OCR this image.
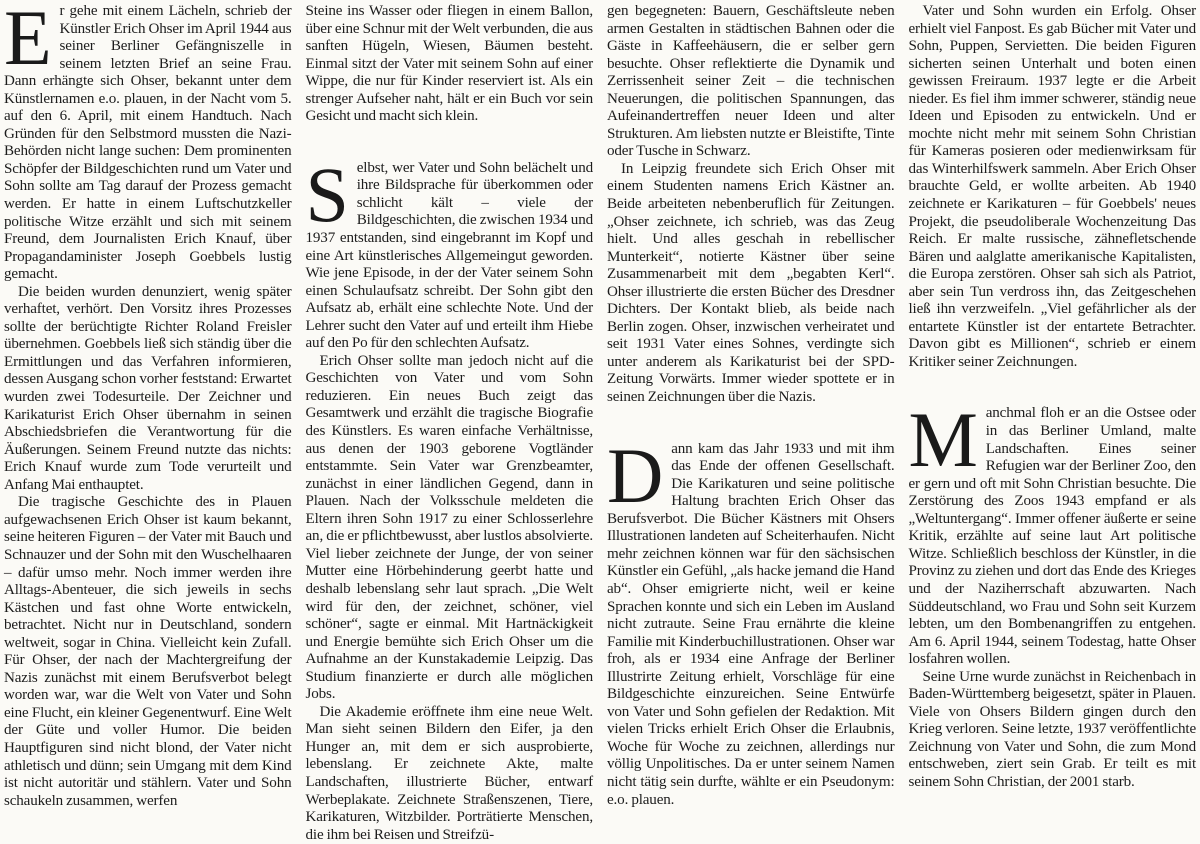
Er gehe mit einem Lächeln, schrieb der Künstler Erich Ohser im April 1944 aus seiner Berliner Gefängniszelle in seinem letzten Brief an seine Frau. Dann erhängte sich Ohser, bekannt unter dem Künstlernamen e.o. plauen, in der Nacht vom 5. auf den 6. April, mit einem Handtuch. Nach Gründen für den Selbstmord mussten die Nazi-Behörden nicht lange suchen: Dem prominenten Schöpfer der Bildgeschichten rund um Vater und Sohn sollte am Tag darauf der Prozess gemacht werden. Er hatte in einem Luftschutzkeller politische Witze erzählt und sich mit seinem Freund, dem Journalisten Erich Knauf, über Propagandaminister Joseph Goebbels lustig gemacht.

Die beiden wurden denunziert, wenig später verhaftet, verhört. Den Vorsitz ihres Prozesses sollte der berüchtigte Richter Roland Freisler übernehmen. Goebbels ließ sich ständig über die Ermittlungen und das Verfahren informieren, dessen Ausgang schon vorher feststand: Erwartet wurden zwei Todesurteile. Der Zeichner und Karikaturist Erich Ohser übernahm in seinen Abschiedsbriefen die Verantwortung für die Äußerungen. Seinem Freund nutzte das nichts: Erich Knauf wurde zum Tode verurteilt und Anfang Mai enthauptet.

Die tragische Geschichte des in Plauen aufgewachsenen Erich Ohser ist kaum bekannt, seine heiteren Figuren – der Vater mit Bauch und Schnauzer und der Sohn mit den Wuschelhaaren – dafür umso mehr. Noch immer werden ihre Alltags-Abenteuer, die sich jeweils in sechs Kästchen und fast ohne Worte entwickeln, betrachtet. Nicht nur in Deutschland, sondern weltweit, sogar in China. Vielleicht kein Zufall. Für Ohser, der nach der Machtergreifung der Nazis zunächst mit einem Berufsverbot belegt worden war, war die Welt von Vater und Sohn eine Flucht, ein kleiner Gegenentwurf. Eine Welt der Güte und voller Humor. Die beiden Hauptfiguren sind nicht blond, der Vater nicht athletisch und dünn; sein Umgang mit dem Kind ist nicht autoritär und stählern. Vater und Sohn schaukeln zusammen, werfen

Steine ins Wasser oder fliegen in einem Ballon, über eine Schnur mit der Welt verbunden, die aus sanften Hügeln, Wiesen, Bäumen besteht. Einmal sitzt der Vater mit seinem Sohn auf einer Wippe, die nur für Kinder reserviert ist. Als ein strenger Aufseher naht, hält er ein Buch vor sein Gesicht und macht sich klein.

Selbst, wer Vater und Sohn belächelt und ihre Bildsprache für überkommen oder schlicht kält – viele der Bildgeschichten, die zwischen 1934 und 1937 entstanden, sind eingebrannt im Kopf und eine Art künstlerisches Allgemeingut geworden. Wie jene Episode, in der der Vater seinem Sohn einen Schulaufsatz schreibt. Der Sohn gibt den Aufsatz ab, erhält eine schlechte Note. Und der Lehrer sucht den Vater auf und erteilt ihm Hiebe auf den Po für den schlechten Aufsatz.

Erich Ohser sollte man jedoch nicht auf die Geschichten von Vater und vom Sohn reduzieren. Ein neues Buch zeigt das Gesamtwerk und erzählt die tragische Biografie des Künstlers. Es waren einfache Verhältnisse, aus denen der 1903 geborene Vogtländer entstammte. Sein Vater war Grenzbeamter, zunächst in einer ländlichen Gegend, dann in Plauen. Nach der Volksschule meldeten die Eltern ihren Sohn 1917 zu einer Schlosserlehre an, die er pflichtbewusst, aber lustlos absolvierte. Viel lieber zeichnete der Junge, der von seiner Mutter eine Hörbehinderung geerbt hatte und deshalb lebenslang sehr laut sprach. „Die Welt wird für den, der zeichnet, schöner, viel schöner“, sagte er einmal. Mit Hartnäckigkeit und Energie bemühte sich Erich Ohser um die Aufnahme an der Kunstakademie Leipzig. Das Studium finanzierte er durch alle möglichen Jobs.

Die Akademie eröffnete ihm eine neue Welt. Man sieht seinen Bildern den Eifer, ja den Hunger an, mit dem er sich ausprobierte, lebenslang. Er zeichnete Akte, malte Landschaften, illustrierte Bücher, entwarf Werbeplakate. Zeichnete Straßenszenen, Tiere, Karikaturen, Witzbilder. Porträtierte Menschen, die ihm bei Reisen und Streifzü-

gen begegneten: Bauern, Geschäftsleute neben armen Gestalten in städtischen Bahnen oder die Gäste in Kaffeehäusern, die er selber gern besuchte. Ohser reflektierte die Dynamik und Zerrissenheit seiner Zeit – die technischen Neuerungen, die politischen Spannungen, das Aufeinandertreffen neuer Ideen und alter Strukturen. Am liebsten nutzte er Bleistifte, Tinte oder Tusche in Schwarz.

In Leipzig freundete sich Erich Ohser mit einem Studenten namens Erich Kästner an. Beide arbeiteten nebenberuflich für Zeitungen. „Ohser zeichnete, ich schrieb, was das Zeug hielt. Und alles geschah in rebellischer Munterkeit“, notierte Kästner über seine Zusammenarbeit mit dem „begabten Kerl“. Ohser illustrierte die ersten Bücher des Dresdner Dichters. Der Kontakt blieb, als beide nach Berlin zogen. Ohser, inzwischen verheiratet und seit 1931 Vater eines Sohnes, verdingte sich unter anderem als Karikaturist bei der SPD-Zeitung Vorwärts. Immer wieder spottete er in seinen Zeichnungen über die Nazis.

Dann kam das Jahr 1933 und mit ihm das Ende der offenen Gesellschaft. Die Karikaturen und seine politische Haltung brachten Erich Ohser das Berufsverbot. Die Bücher Kästners mit Ohsers Illustrationen landeten auf Scheiterhaufen. Nicht mehr zeichnen können war für den sächsischen Künstler ein Gefühl, „als hacke jemand die Hand ab“. Ohser emigrierte nicht, weil er keine Sprachen konnte und sich ein Leben im Ausland nicht zutraute. Seine Frau ernährte die kleine Familie mit Kinderbuchillustrationen. Ohser war froh, als er 1934 eine Anfrage der Berliner Illustrirte Zeitung erhielt, Vorschläge für eine Bildgeschichte einzureichen. Seine Entwürfe von Vater und Sohn gefielen der Redaktion. Mit vielen Tricks erhielt Erich Ohser die Erlaubnis, Woche für Woche zu zeichnen, allerdings nur völlig Unpolitisches. Da er unter seinem Namen nicht tätig sein durfte, wählte er ein Pseudonym: e.o. plauen.

Vater und Sohn wurden ein Erfolg. Ohser erhielt viel Fanpost. Es gab Bücher mit Vater und Sohn, Puppen, Servietten. Die beiden Figuren sicherten seinen Unterhalt und boten einen gewissen Freiraum. 1937 legte er die Arbeit nieder. Es fiel ihm immer schwerer, ständig neue Ideen und Episoden zu entwickeln. Und er mochte nicht mehr mit seinem Sohn Christian für Kameras posieren oder medienwirksam für das Winterhilfswerk sammeln. Aber Erich Ohser brauchte Geld, er wollte arbeiten. Ab 1940 zeichnete er Karikaturen – für Goebbels' neues Projekt, die pseudoliberale Wochenzeitung Das Reich. Er malte russische, zähnefletschende Bären und aalglatte amerikanische Kapitalisten, die Europa zerstören. Ohser sah sich als Patriot, aber sein Tun verdross ihn, das Zeitgeschehen ließ ihn verzweifeln. „Viel gefährlicher als der entartete Künstler ist der entartete Betrachter. Davon gibt es Millionen“, schrieb er einem Kritiker seiner Zeichnungen.

Manchmal floh er an die Ostsee oder in das Berliner Umland, malte Landschaften. Eines seiner Refugien war der Berliner Zoo, den er gern und oft mit Sohn Christian besuchte. Die Zerstörung des Zoos 1943 empfand er als „Weltuntergang“. Immer offener äußerte er seine Kritik, erzählte auf seine laut Art politische Witze. Schließlich beschloss der Künstler, in die Provinz zu ziehen und dort das Ende des Krieges und der Naziherrschaft abzuwarten. Nach Süddeutschland, wo Frau und Sohn seit Kurzem lebten, um den Bombenangriffen zu entgehen. Am 6. April 1944, seinem Todestag, hatte Ohser losfahren wollen.

Seine Urne wurde zunächst in Reichenbach in Baden-Württemberg beigesetzt, später in Plauen. Viele von Ohsers Bildern gingen durch den Krieg verloren. Seine letzte, 1937 veröffentlichte Zeichnung von Vater und Sohn, die zum Mond entschweben, ziert sein Grab. Er teilt es mit seinem Sohn Christian, der 2001 starb.
